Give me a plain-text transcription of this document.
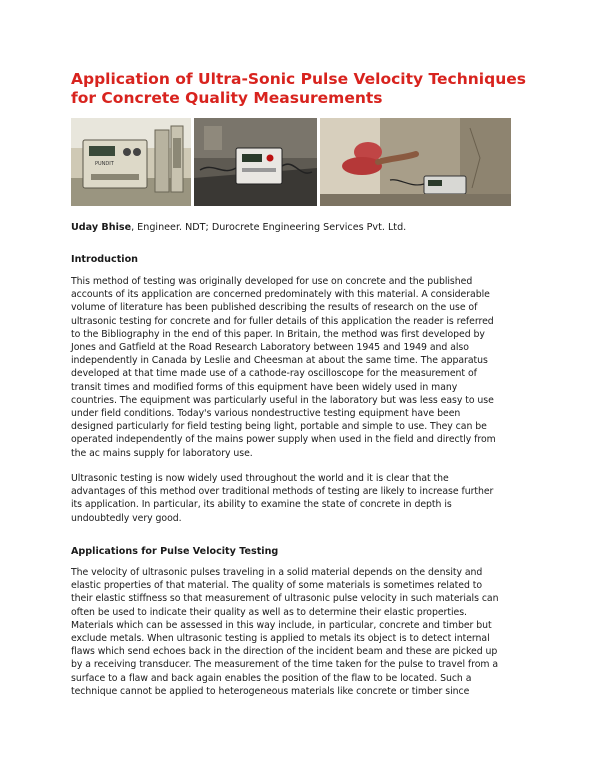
Application of Ultra-Sonic Pulse Velocity Techniques
for Concrete Quality Measurements
PUNDIT

Uday Bhise, Engineer. NDT; Durocrete Engineering Services Pvt. Ltd.

Introduction

This method of testing was originally developed for use on concrete and the published
accounts of its application are concerned predominately with this material. A considerable
volume of literature has been published describing the results of research on the use of
ultrasonic testing for concrete and for fuller details of this application the reader is referred
to the Bibliography in the end of this paper. In Britain, the method was first developed by
Jones and Gatfield at the Road Research Laboratory between 1945 and 1949 and also
independently in Canada by Leslie and Cheesman at about the same time. The apparatus
developed at that time made use of a cathode-ray oscilloscope for the measurement of
transit times and modified forms of this equipment have been widely used in many
countries. The equipment was particularly useful in the laboratory but was less easy to use
under field conditions. Today's various nondestructive testing equipment have been
designed particularly for field testing being light, portable and simple to use. They can be
operated independently of the mains power supply when used in the field and directly from
the ac mains supply for laboratory use.

Ultrasonic testing is now widely used throughout the world and it is clear that the
advantages of this method over traditional methods of testing are likely to increase further
its application. In particular, its ability to examine the state of concrete in depth is
undoubtedly very good.

Applications for Pulse Velocity Testing

The velocity of ultrasonic pulses traveling in a solid material depends on the density and
elastic properties of that material. The quality of some materials is sometimes related to
their elastic stiffness so that measurement of ultrasonic pulse velocity in such materials can
often be used to indicate their quality as well as to determine their elastic properties.
Materials which can be assessed in this way include, in particular, concrete and timber but
exclude metals. When ultrasonic testing is applied to metals its object is to detect internal
flaws which send echoes back in the direction of the incident beam and these are picked up
by a receiving transducer. The measurement of the time taken for the pulse to travel from a
surface to a flaw and back again enables the position of the flaw to be located. Such a
technique cannot be applied to heterogeneous materials like concrete or timber since
